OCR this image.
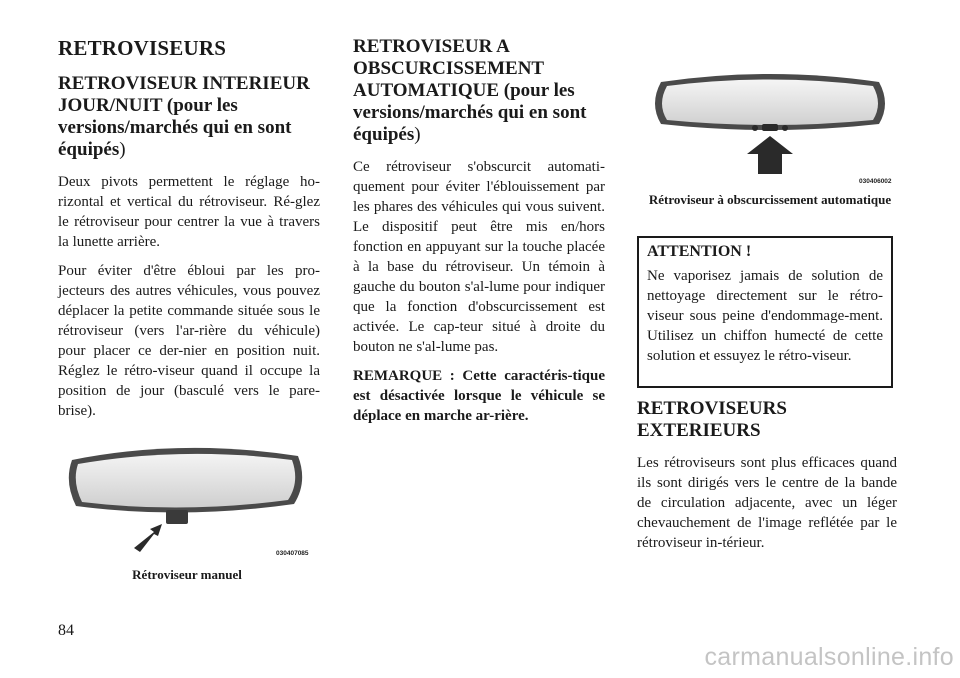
RETROVISEURS
RETROVISEUR INTERIEUR JOUR/NUIT (pour les versions/marchés qui en sont équipés)

Deux pivots permettent le réglage ho-rizontal et vertical du rétroviseur. Ré-glez le rétroviseur pour centrer la vue à travers la lunette arrière.

Pour éviter d'être ébloui par les pro-jecteurs des autres véhicules, vous pouvez déplacer la petite commande située sous le rétroviseur (vers l'ar-rière du véhicule) pour placer ce der-nier en position nuit. Réglez le rétro-viseur quand il occupe la position de jour (basculé vers le pare-brise).

030407085
Rétroviseur manuel
RETROVISEUR A OBSCURCISSEMENT AUTOMATIQUE (pour les versions/marchés qui en sont équipés)

Ce rétroviseur s'obscurcit automati-quement pour éviter l'éblouissement par les phares des véhicules qui vous suivent. Le dispositif peut être mis en/hors fonction en appuyant sur la touche placée à la base du rétroviseur. Un témoin à gauche du bouton s'al-lume pour indiquer que la fonction d'obscurcissement est activée. Le cap-teur situé à droite du bouton ne s'al-lume pas.

REMARQUE : Cette caractéris-tique est désactivée lorsque le véhicule se déplace en marche ar-rière.

030406002
Rétroviseur à obscurcissement automatique
ATTENTION !

Ne vaporisez jamais de solution de nettoyage directement sur le rétro-viseur sous peine d'endommage-ment. Utilisez un chiffon humecté de cette solution et essuyez le rétro-viseur.

RETROVISEURS EXTERIEURS

Les rétroviseurs sont plus efficaces quand ils sont dirigés vers le centre de la bande de circulation adjacente, avec un léger chevauchement de l'image reflétée par le rétroviseur in-térieur.

84
carmanualsonline.info
